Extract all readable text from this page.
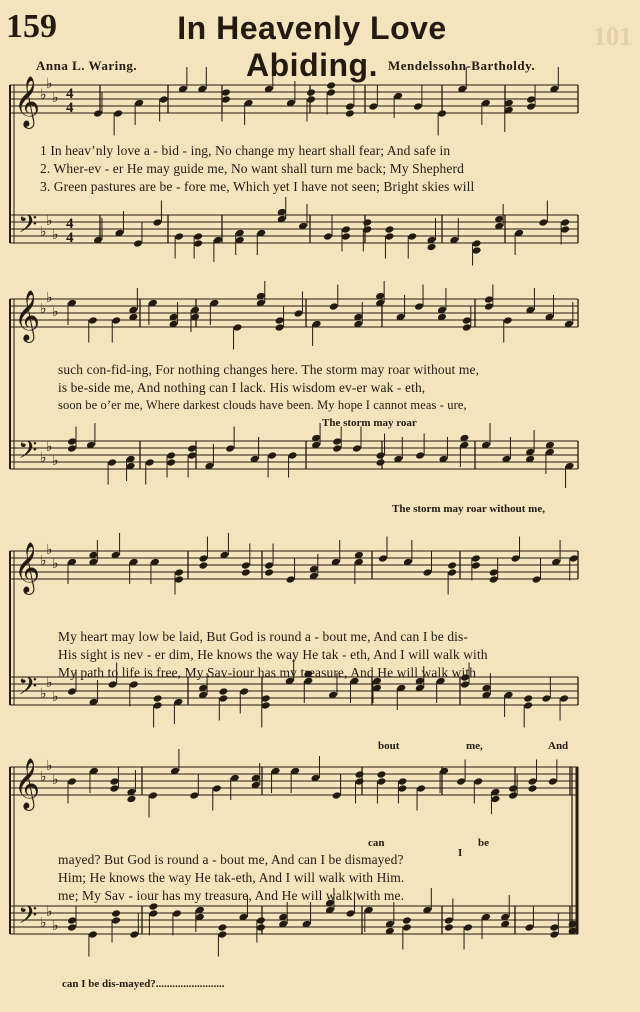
159	In Heavenly Love Abiding.
101
Anna L. Waring.	Mendelssohn-Bartholdy.
𝄞
𝄢
♭
♭
♭
♭
♭
♭
4
4
4
4
𝄞
𝄢
♭
♭
♭
♭
♭
♭
𝄞
𝄢
♭
♭
♭
♭
♭
♭
𝄞
𝄢
♭
♭
♭
♭
♭
♭
1 In heav’nly love a - bid - ing, No change my heart shall fear; And safe in
2. Wher-ev - er He may guide me, No want shall turn me back; My Shepherd
3. Green pastures are be - fore me, Which yet I have not seen; Bright skies will
such con-fid-ing, For nothing changes here. The storm may roar without me,
is be-side me, And nothing can I lack. His wisdom ev-er wak - eth,
soon be o’er me, Where darkest clouds have been. My hope I cannot meas - ure,
The storm may roar
The storm may roar without me,
My heart may low be laid, But God is round a - bout me, And can I be dis-
His sight is nev - er dim, He knows the way He tak - eth, And I will walk with
My path to life is free, My Sav-iour has my treasure, And He will walk with
bout	me,	And
can
I
be
mayed? But God is round a - bout me, And can I be dismayed?
Him; He knows the way He tak-eth, And I will walk with Him.
me; My Sav - iour has my treasure, And He will walk with me.
can I be dis-mayed?.........................
